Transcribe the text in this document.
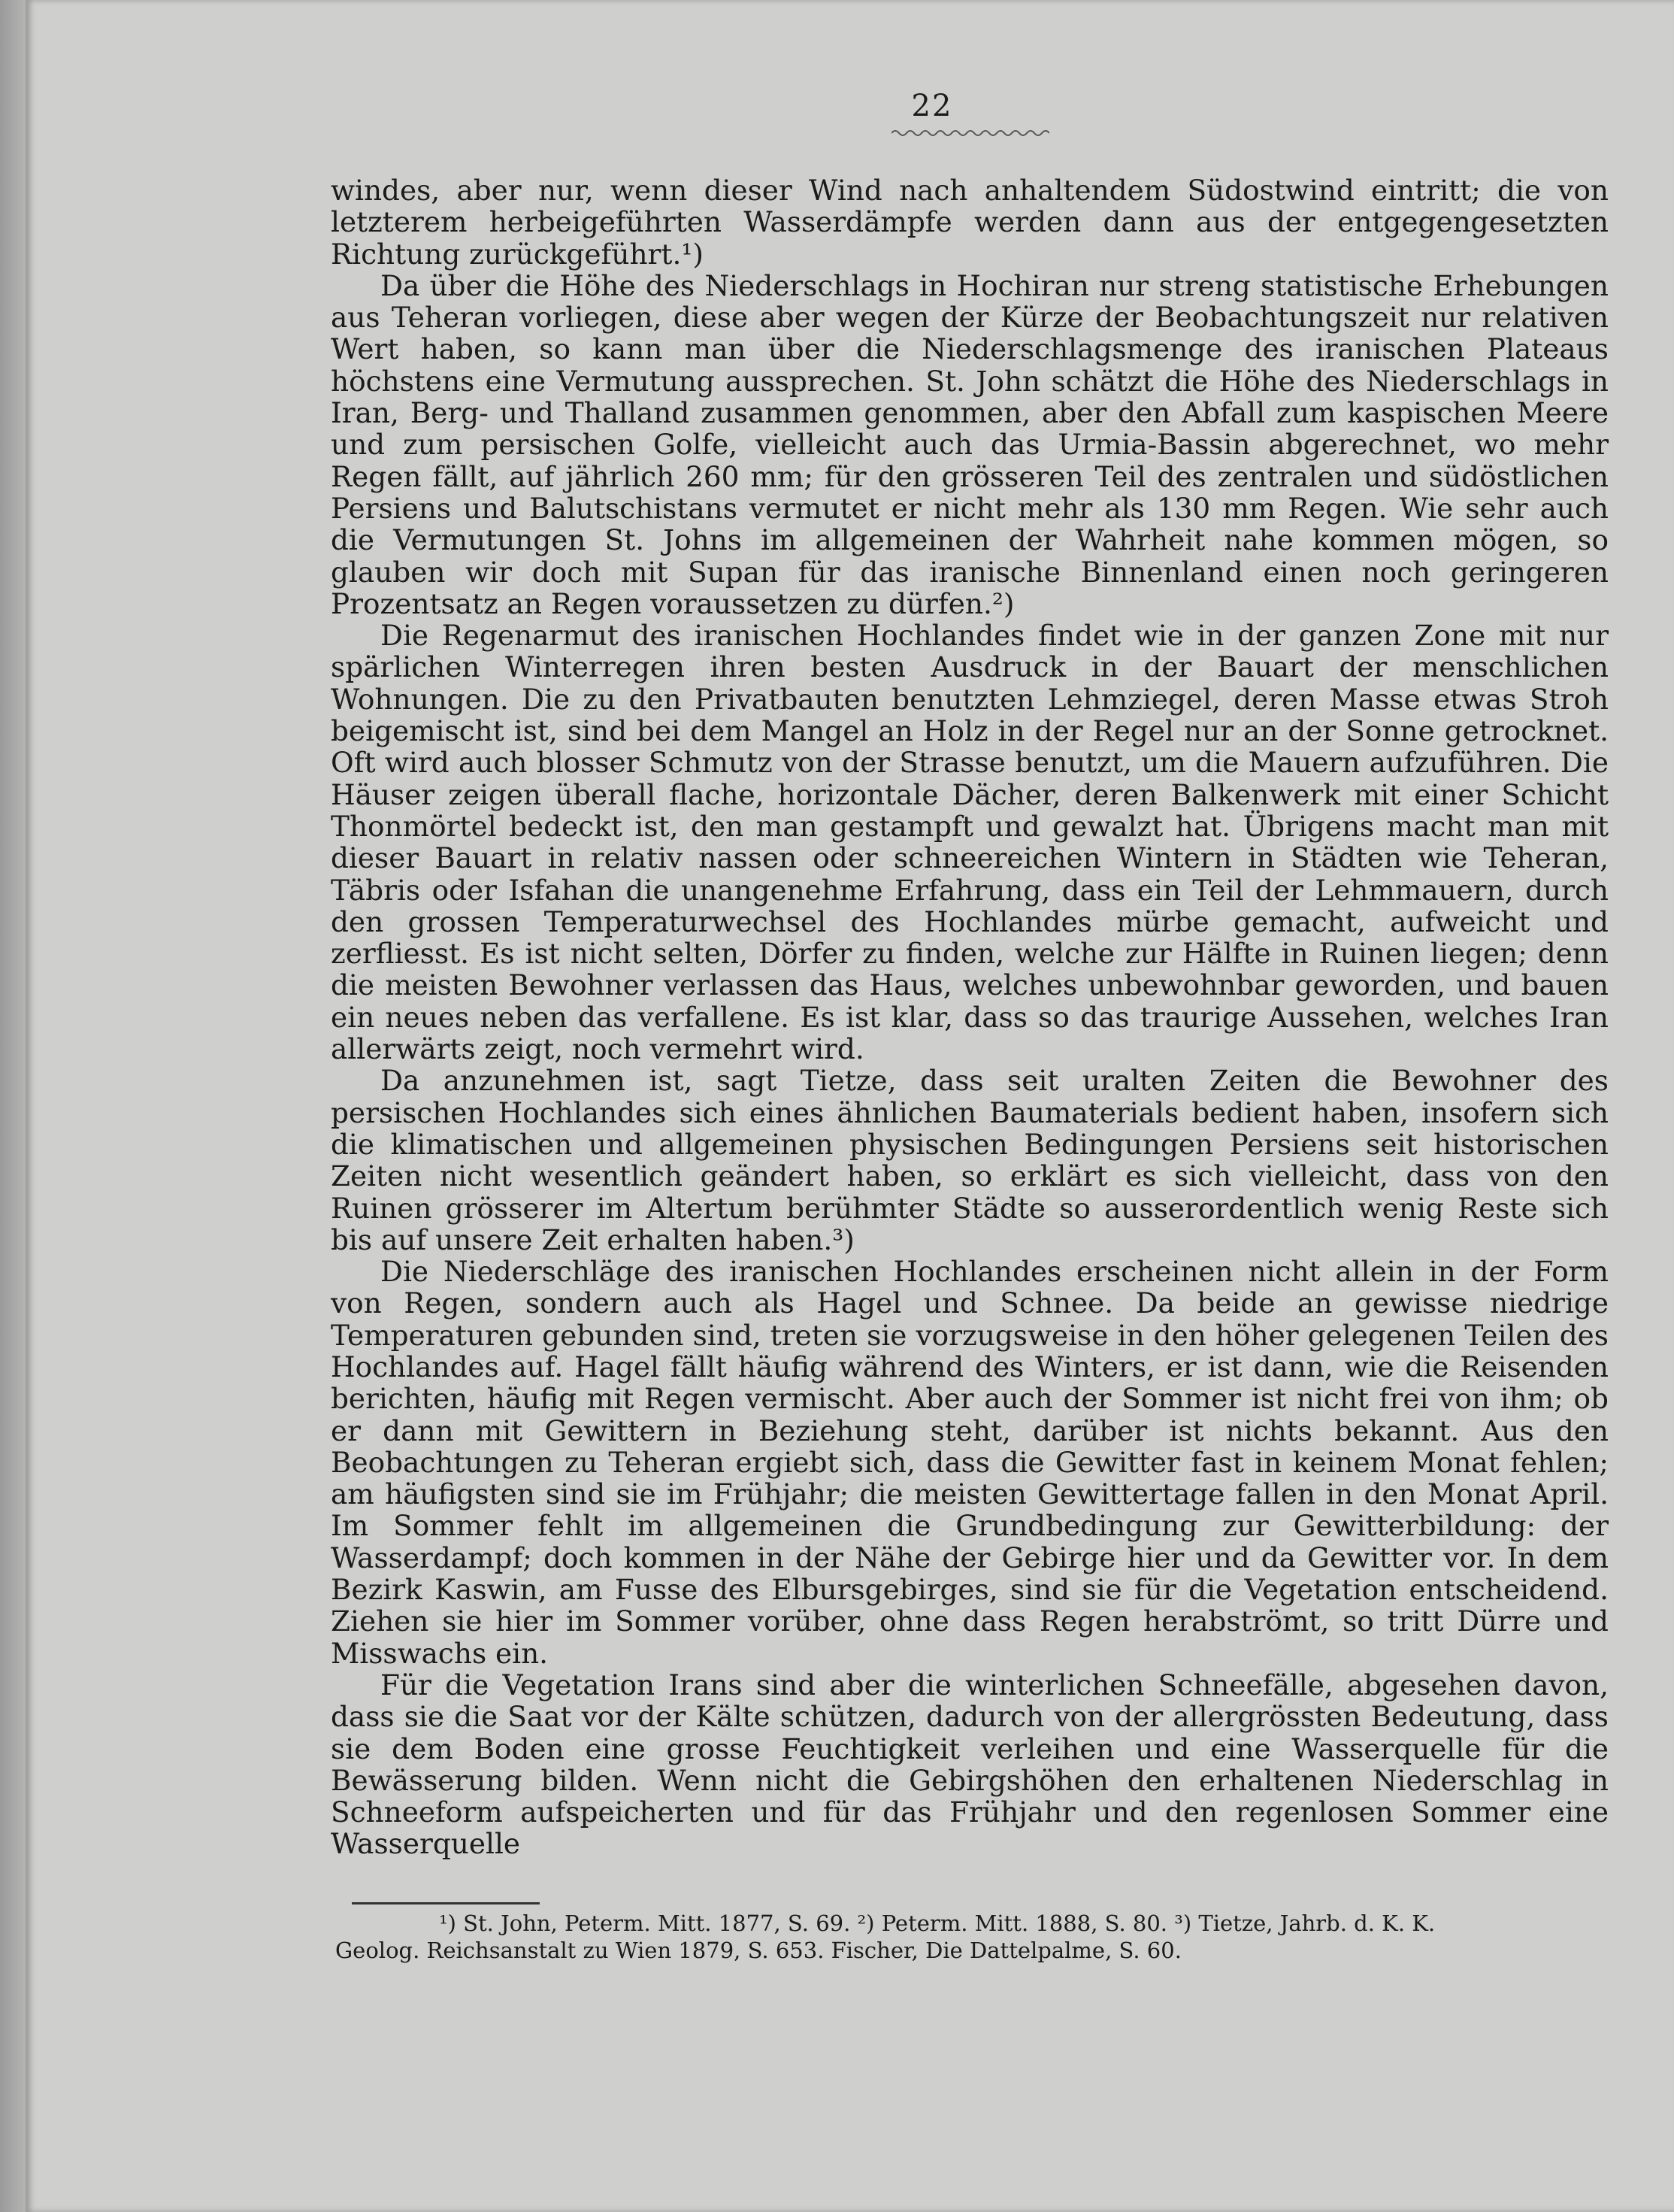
22

windes, aber nur, wenn dieser Wind nach anhaltendem Südostwind eintritt; die von letzterem herbeigeführten Wasserdämpfe werden dann aus der entgegengesetzten Richtung zurückgeführt.¹)

Da über die Höhe des Niederschlags in Hochiran nur streng statistische Erhebungen aus Teheran vorliegen, diese aber wegen der Kürze der Beobachtungszeit nur relativen Wert haben, so kann man über die Niederschlagsmenge des iranischen Plateaus höchstens eine Vermutung aussprechen. St. John schätzt die Höhe des Niederschlags in Iran, Berg- und Thalland zusammen genommen, aber den Abfall zum kaspischen Meere und zum persischen Golfe, vielleicht auch das Urmia-Bassin abgerechnet, wo mehr Regen fällt, auf jährlich 260 mm; für den grösseren Teil des zentralen und südöstlichen Persiens und Balutschistans vermutet er nicht mehr als 130 mm Regen. Wie sehr auch die Vermutungen St. Johns im allgemeinen der Wahrheit nahe kommen mögen, so glauben wir doch mit Supan für das iranische Binnenland einen noch geringeren Prozentsatz an Regen voraussetzen zu dürfen.²)

Die Regenarmut des iranischen Hochlandes findet wie in der ganzen Zone mit nur spärlichen Winterregen ihren besten Ausdruck in der Bauart der menschlichen Wohnungen. Die zu den Privatbauten benutzten Lehmziegel, deren Masse etwas Stroh beigemischt ist, sind bei dem Mangel an Holz in der Regel nur an der Sonne getrocknet. Oft wird auch blosser Schmutz von der Strasse benutzt, um die Mauern aufzuführen. Die Häuser zeigen überall flache, horizontale Dächer, deren Balkenwerk mit einer Schicht Thonmörtel bedeckt ist, den man gestampft und gewalzt hat. Übrigens macht man mit dieser Bauart in relativ nassen oder schneereichen Wintern in Städten wie Teheran, Täbris oder Isfahan die unangenehme Erfahrung, dass ein Teil der Lehmmauern, durch den grossen Temperaturwechsel des Hochlandes mürbe gemacht, aufweicht und zerfliesst. Es ist nicht selten, Dörfer zu finden, welche zur Hälfte in Ruinen liegen; denn die meisten Bewohner verlassen das Haus, welches unbewohnbar geworden, und bauen ein neues neben das verfallene. Es ist klar, dass so das traurige Aussehen, welches Iran allerwärts zeigt, noch vermehrt wird.

Da anzunehmen ist, sagt Tietze, dass seit uralten Zeiten die Bewohner des persischen Hochlandes sich eines ähnlichen Baumaterials bedient haben, insofern sich die klimatischen und allgemeinen physischen Bedingungen Persiens seit historischen Zeiten nicht wesentlich geändert haben, so erklärt es sich vielleicht, dass von den Ruinen grösserer im Altertum berühmter Städte so ausserordentlich wenig Reste sich bis auf unsere Zeit erhalten haben.³)

Die Niederschläge des iranischen Hochlandes erscheinen nicht allein in der Form von Regen, sondern auch als Hagel und Schnee. Da beide an gewisse niedrige Temperaturen gebunden sind, treten sie vorzugsweise in den höher gelegenen Teilen des Hochlandes auf. Hagel fällt häufig während des Winters, er ist dann, wie die Reisenden berichten, häufig mit Regen vermischt. Aber auch der Sommer ist nicht frei von ihm; ob er dann mit Gewittern in Beziehung steht, darüber ist nichts bekannt. Aus den Beobachtungen zu Teheran ergiebt sich, dass die Gewitter fast in keinem Monat fehlen; am häufigsten sind sie im Frühjahr; die meisten Gewittertage fallen in den Monat April. Im Sommer fehlt im allgemeinen die Grundbedingung zur Gewitterbildung: der Wasserdampf; doch kommen in der Nähe der Gebirge hier und da Gewitter vor. In dem Bezirk Kaswin, am Fusse des Elbursgebirges, sind sie für die Vegetation entscheidend. Ziehen sie hier im Sommer vorüber, ohne dass Regen herabströmt, so tritt Dürre und Misswachs ein.

Für die Vegetation Irans sind aber die winterlichen Schneefälle, abgesehen davon, dass sie die Saat vor der Kälte schützen, dadurch von der allergrössten Bedeutung, dass sie dem Boden eine grosse Feuchtigkeit verleihen und eine Wasserquelle für die Bewässerung bilden. Wenn nicht die Gebirgshöhen den erhaltenen Niederschlag in Schneeform aufspeicherten und für das Frühjahr und den regenlosen Sommer eine Wasserquelle

¹) St. John, Peterm. Mitt. 1877, S. 69. ²) Peterm. Mitt. 1888, S. 80. ³) Tietze, Jahrb. d. K. K.
Geolog. Reichsanstalt zu Wien 1879, S. 653. Fischer, Die Dattelpalme, S. 60.
